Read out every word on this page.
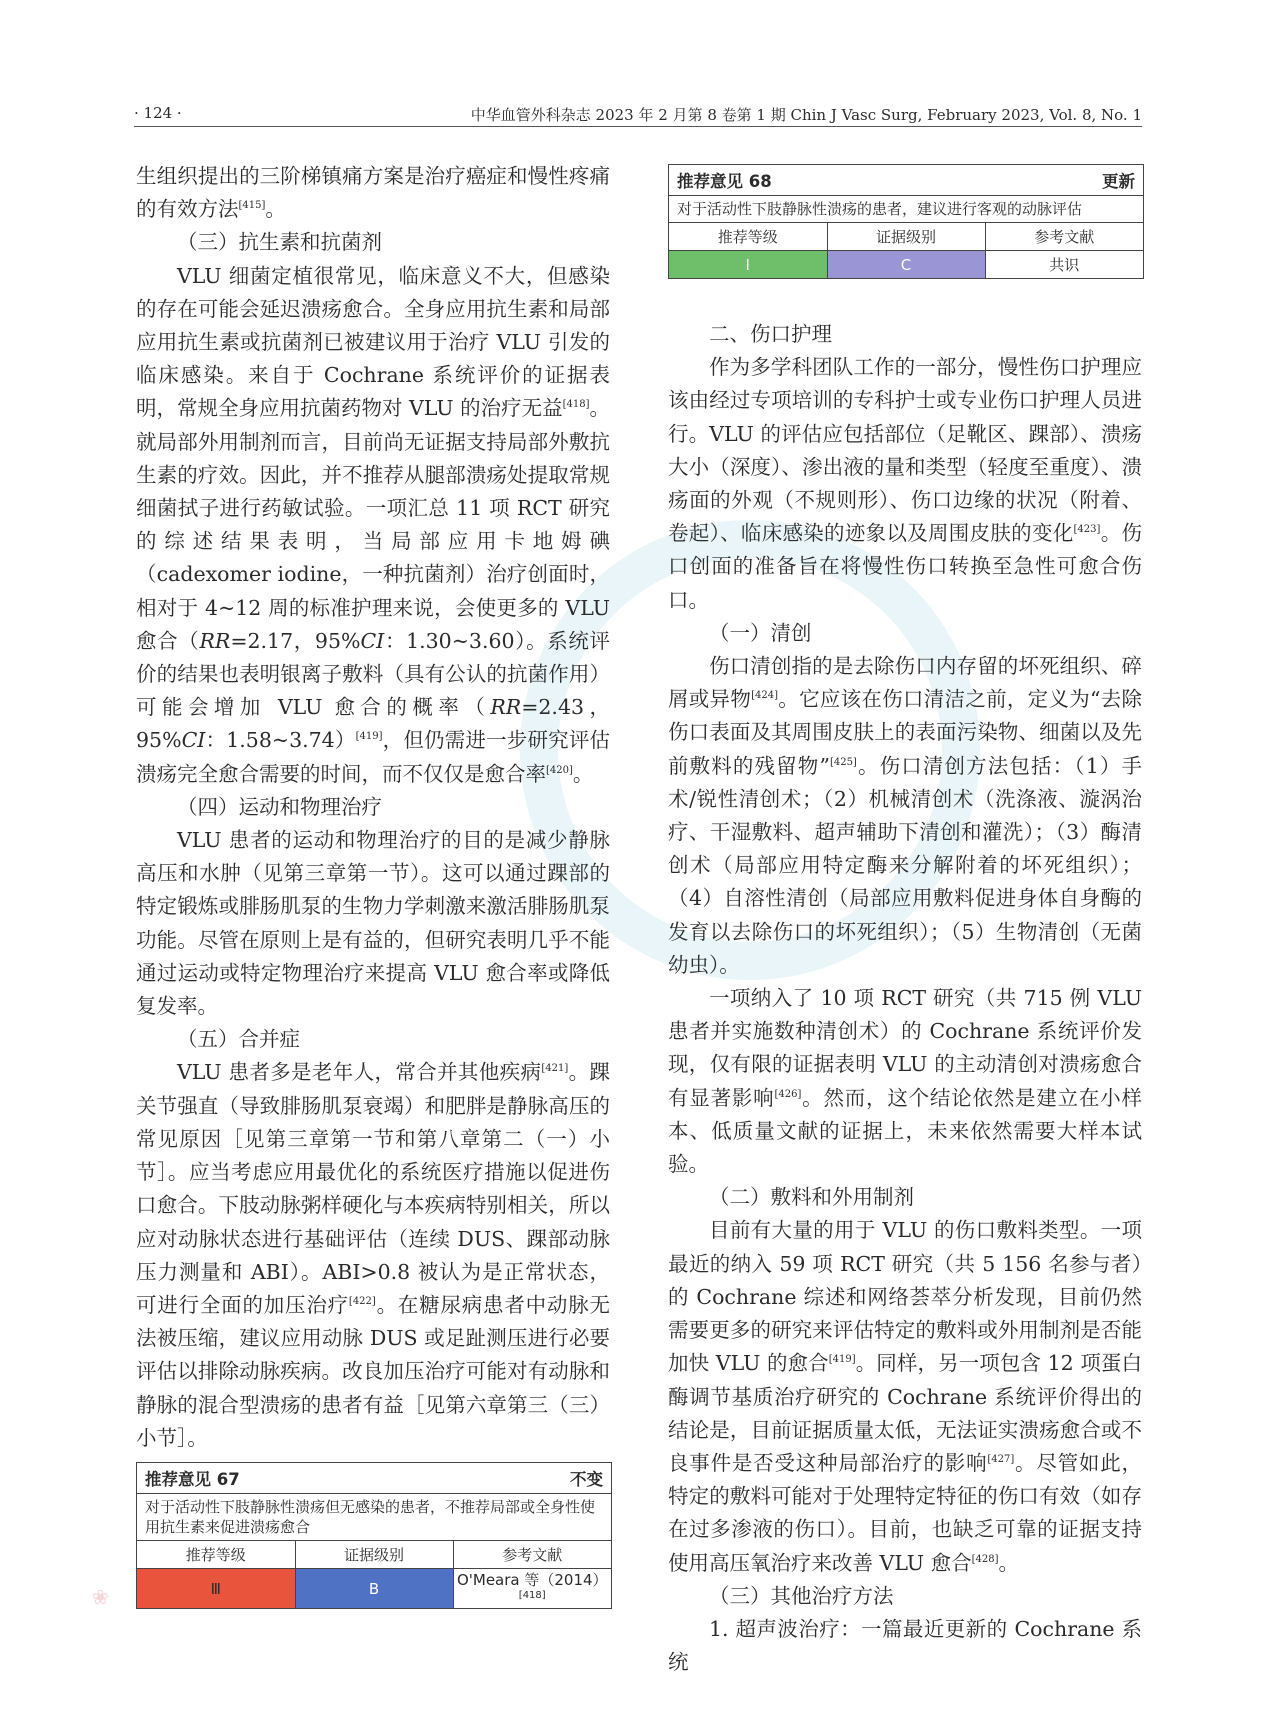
· 124 ·	中华血管外科杂志 2023 年 2 月第 8 卷第 1 期 Chin J Vasc Surg, February 2023, Vol. 8, No. 1

生组织提出的三阶梯镇痛方案是治疗癌症和慢性疼痛的有效方法[415]。

（三）抗生素和抗菌剂

VLU 细菌定植很常见，临床意义不大，但感染的存在可能会延迟溃疡愈合。全身应用抗生素和局部应用抗生素或抗菌剂已被建议用于治疗 VLU 引发的临床感染。来自于 Cochrane 系统评价的证据表明，常规全身应用抗菌药物对 VLU 的治疗无益[418]。就局部外用制剂而言，目前尚无证据支持局部外敷抗生素的疗效。因此，并不推荐从腿部溃疡处提取常规细菌拭子进行药敏试验。一项汇总 11 项 RCT 研究的综述结果表明，当局部应用卡地姆碘（cadexomer iodine，一种抗菌剂）治疗创面时，相对于 4~12 周的标准护理来说，会使更多的 VLU 愈合（RR=2.17，95%CI：1.30~3.60）。系统评价的结果也表明银离子敷料（具有公认的抗菌作用）可能会增加 VLU 愈合的概率（RR=2.43，95%CI：1.58~3.74）[419]，但仍需进一步研究评估溃疡完全愈合需要的时间，而不仅仅是愈合率[420]。

（四）运动和物理治疗

VLU 患者的运动和物理治疗的目的是减少静脉高压和水肿（见第三章第一节）。这可以通过踝部的特定锻炼或腓肠肌泵的生物力学刺激来激活腓肠肌泵功能。尽管在原则上是有益的，但研究表明几乎不能通过运动或特定物理治疗来提高 VLU 愈合率或降低复发率。

（五）合并症

VLU 患者多是老年人，常合并其他疾病[421]。踝关节强直（导致腓肠肌泵衰竭）和肥胖是静脉高压的常见原因［见第三章第一节和第八章第二（一）小节］。应当考虑应用最优化的系统医疗措施以促进伤口愈合。下肢动脉粥样硬化与本疾病特别相关，所以应对动脉状态进行基础评估（连续 DUS、踝部动脉压力测量和 ABI）。ABI>0.8 被认为是正常状态，可进行全面的加压治疗[422]。在糖尿病患者中动脉无法被压缩，建议应用动脉 DUS 或足趾测压进行必要评估以排除动脉疾病。改良加压治疗可能对有动脉和静脉的混合型溃疡的患者有益［见第六章第三（三）小节］。

推荐意见 67	不变
对于活动性下肢静脉性溃疡但无感染的患者，不推荐局部或全身性使用抗生素来促进溃疡愈合
推荐等级	证据级别	参考文献
Ⅲ	B	O'Meara 等（2014）[418]
推荐意见 68	更新
对于活动性下肢静脉性溃疡的患者，建议进行客观的动脉评估
推荐等级	证据级别	参考文献
Ⅰ	C	共识

二、伤口护理

作为多学科团队工作的一部分，慢性伤口护理应该由经过专项培训的专科护士或专业伤口护理人员进行。VLU 的评估应包括部位（足靴区、踝部）、溃疡大小（深度）、渗出液的量和类型（轻度至重度）、溃疡面的外观（不规则形）、伤口边缘的状况（附着、卷起）、临床感染的迹象以及周围皮肤的变化[423]。伤口创面的准备旨在将慢性伤口转换至急性可愈合伤口。

（一）清创

伤口清创指的是去除伤口内存留的坏死组织、碎屑或异物[424]。它应该在伤口清洁之前，定义为“去除伤口表面及其周围皮肤上的表面污染物、细菌以及先前敷料的残留物”[425]。伤口清创方法包括：（1）手术/锐性清创术；（2）机械清创术（洗涤液、漩涡治疗、干湿敷料、超声辅助下清创和灌洗）；（3）酶清创术（局部应用特定酶来分解附着的坏死组织）；（4）自溶性清创（局部应用敷料促进身体自身酶的发育以去除伤口的坏死组织）；（5）生物清创（无菌幼虫）。

一项纳入了 10 项 RCT 研究（共 715 例 VLU 患者并实施数种清创术）的 Cochrane 系统评价发现，仅有限的证据表明 VLU 的主动清创对溃疡愈合有显著影响[426]。然而，这个结论依然是建立在小样本、低质量文献的证据上，未来依然需要大样本试验。

（二）敷料和外用制剂

目前有大量的用于 VLU 的伤口敷料类型。一项最近的纳入 59 项 RCT 研究（共 5 156 名参与者）的 Cochrane 综述和网络荟萃分析发现，目前仍然需要更多的研究来评估特定的敷料或外用制剂是否能加快 VLU 的愈合[419]。同样，另一项包含 12 项蛋白酶调节基质治疗研究的 Cochrane 系统评价得出的结论是，目前证据质量太低，无法证实溃疡愈合或不良事件是否受这种局部治疗的影响[427]。尽管如此，特定的敷料可能对于处理特定特征的伤口有效（如存在过多渗液的伤口）。目前，也缺乏可靠的证据支持使用高压氧治疗来改善 VLU 愈合[428]。

（三）其他治疗方法

1. 超声波治疗：一篇最近更新的 Cochrane 系统

❀
